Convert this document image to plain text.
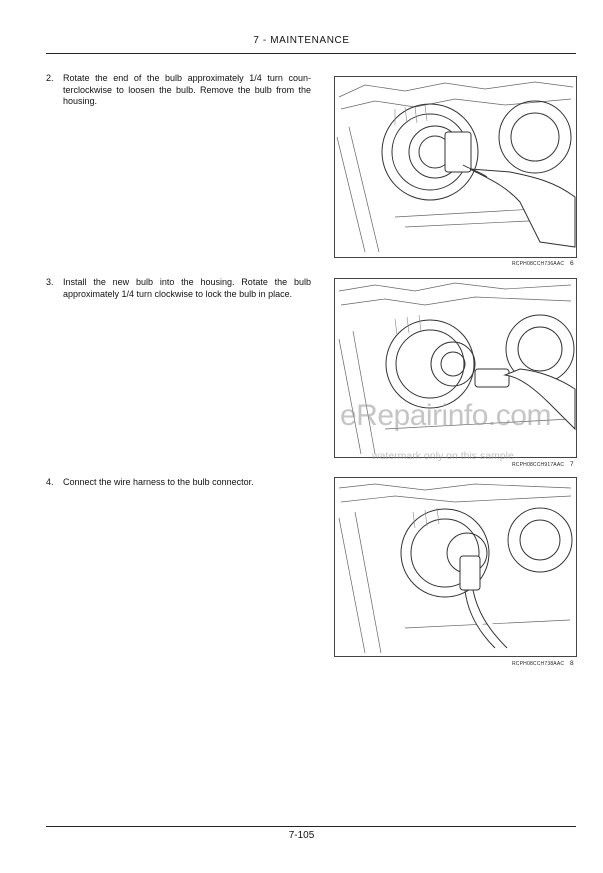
7 - MAINTENANCE
2. Rotate the end of the bulb approximately 1/4 turn coun-terclockwise to loosen the bulb. Remove the bulb from the housing.
RCPH08CCH736AAC 6
3. Install the new bulb into the housing. Rotate the bulb approximately 1/4 turn clockwise to lock the bulb in place.
RCPH08CCH917AAC 7
eRepairinfo.com
watermark only on this sample
4. Connect the wire harness to the bulb connector.
RCPH08CCH738AAC 8
7-105
